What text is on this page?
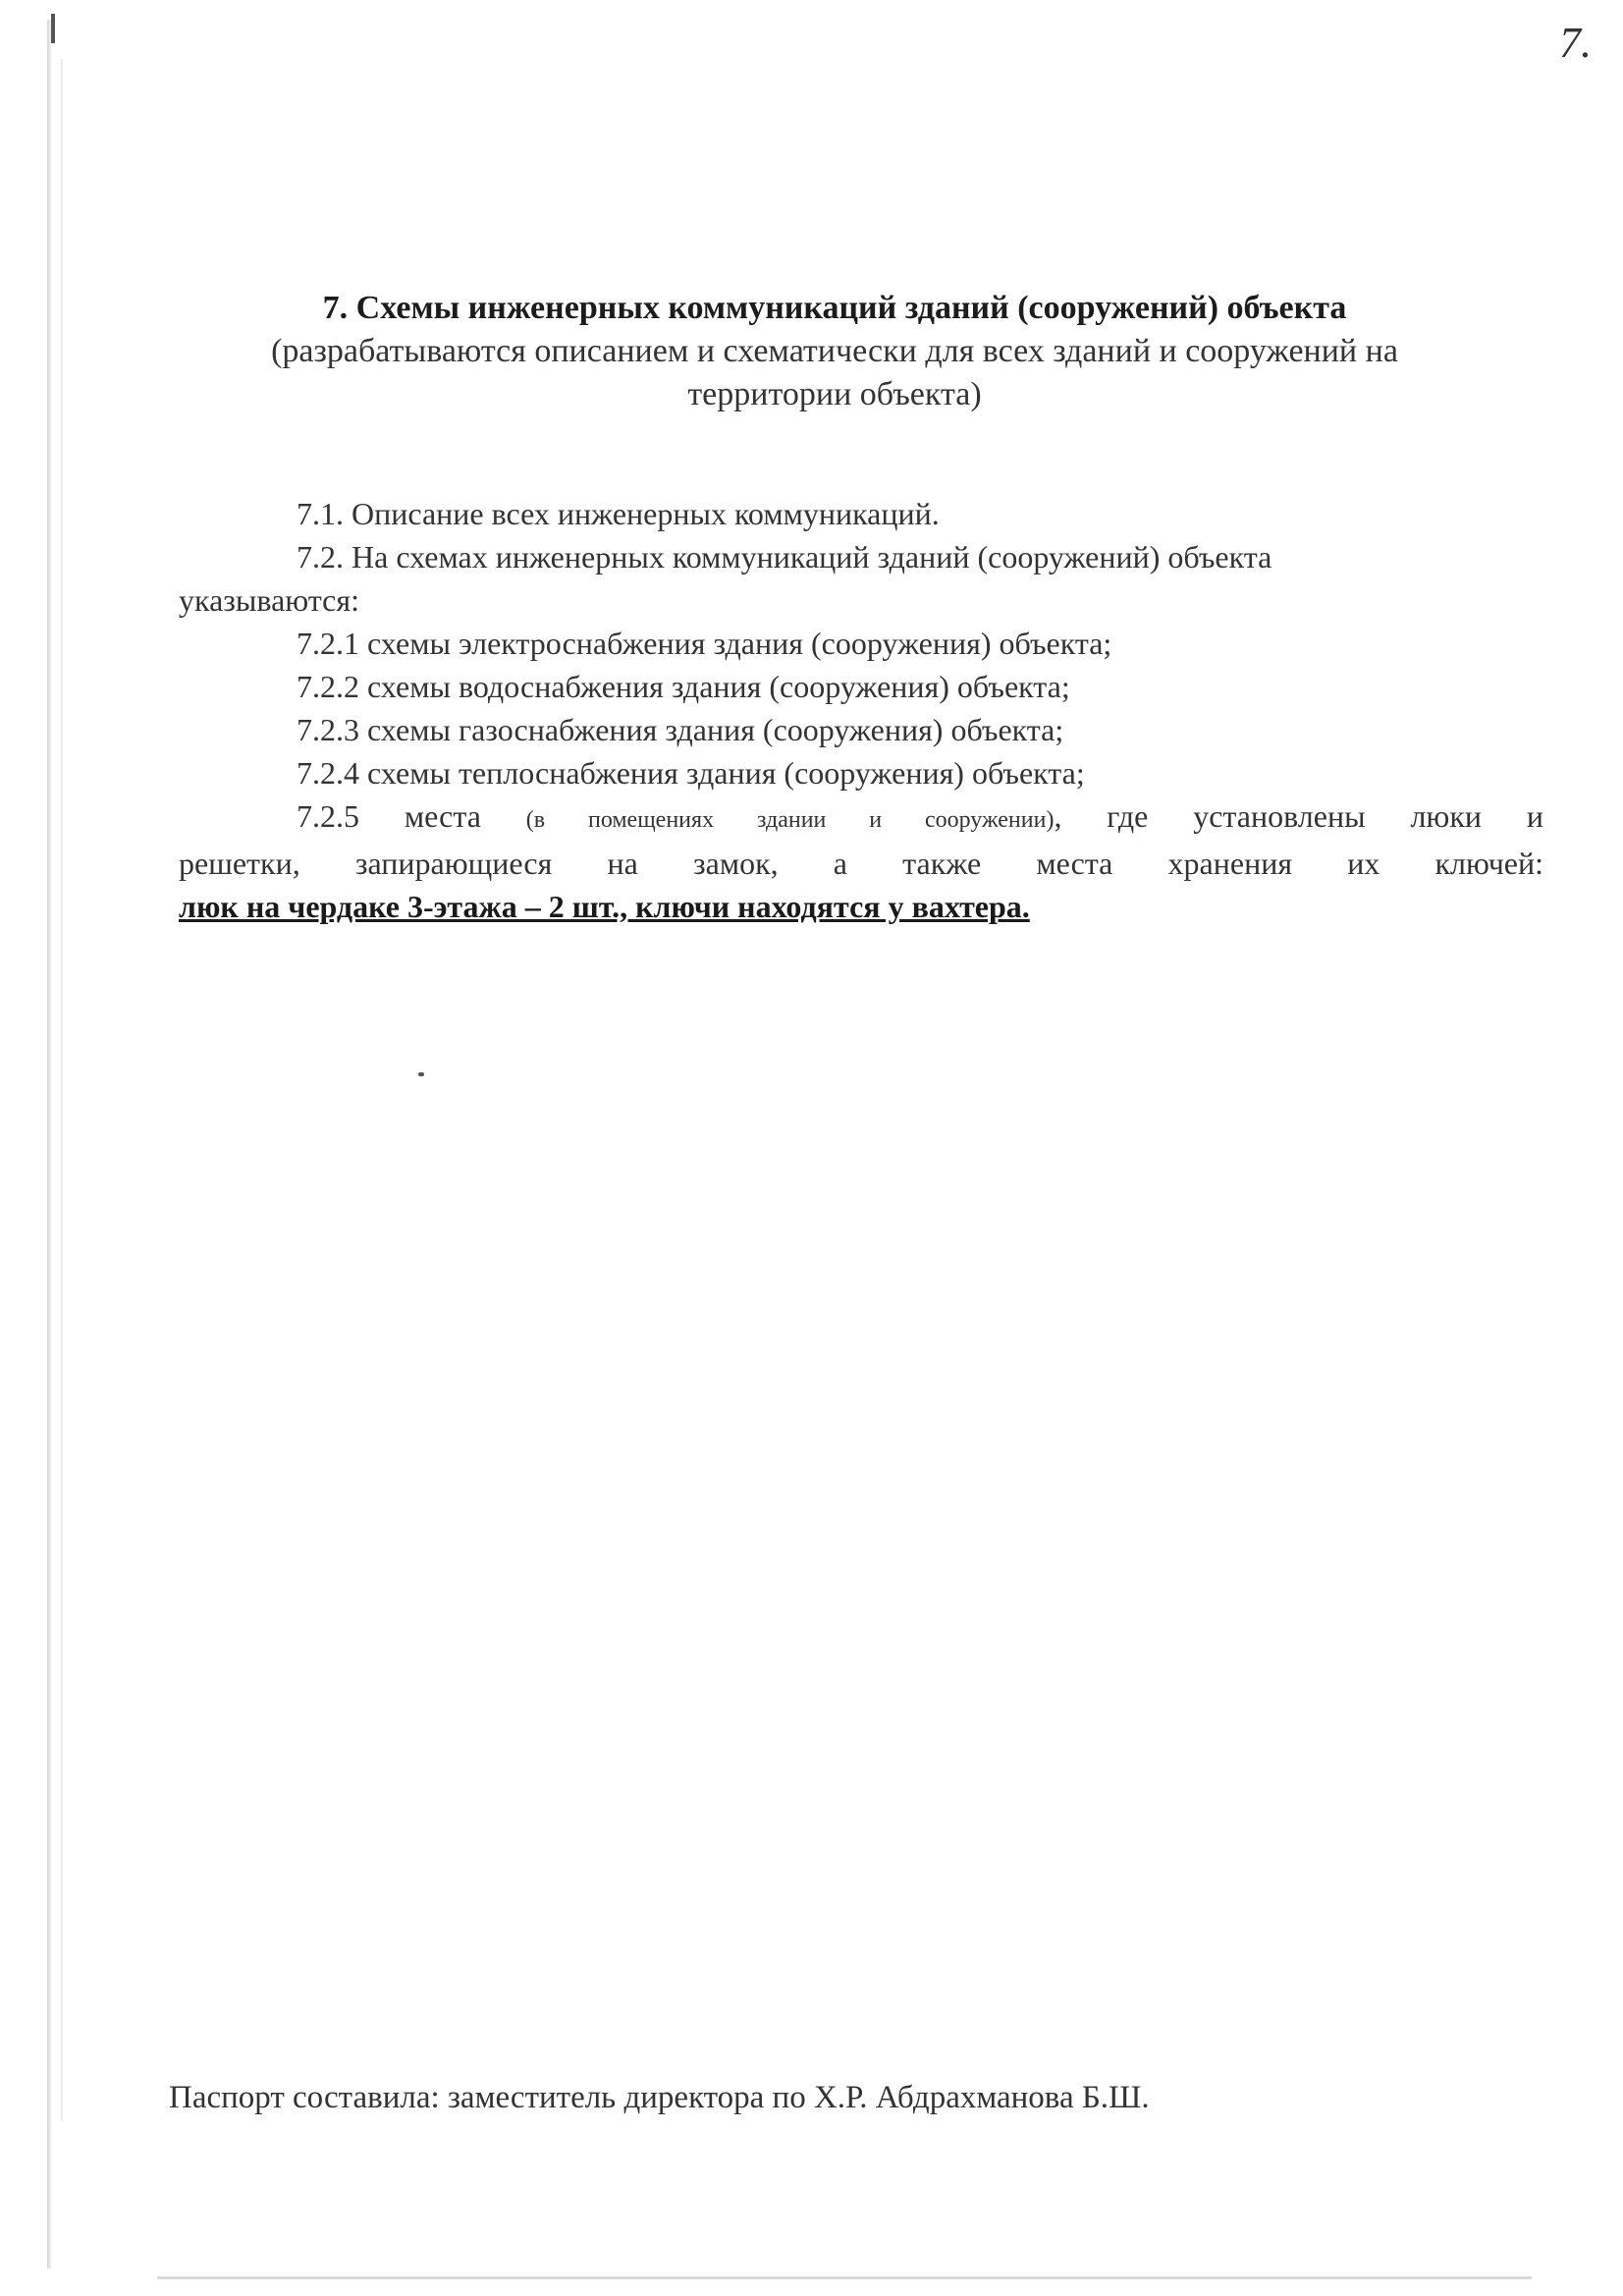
7.
7. Схемы инженерных коммуникаций зданий (сооружений) объекта
(разрабатываются описанием и схематически для всех зданий и сооружений на
территории объекта)
7.1. Описание всех инженерных коммуникаций.
7.2. На схемах инженерных коммуникаций зданий (сооружений) объекта
указываются:
7.2.1 схемы электроснабжения здания (сооружения) объекта;
7.2.2 схемы водоснабжения здания (сооружения) объекта;
7.2.3 схемы газоснабжения здания (сооружения) объекта;
7.2.4 схемы теплоснабжения здания (сооружения) объекта;
7.2.5 места (в помещениях здании и сооружении), где установлены люки и
решетки, запирающиеся на замок, а также места хранения их ключей:
люк на чердаке 3-этажа – 2 шт., ключи находятся у вахтера.
Паспорт составила: заместитель директора по Х.Р. Абдрахманова Б.Ш.
